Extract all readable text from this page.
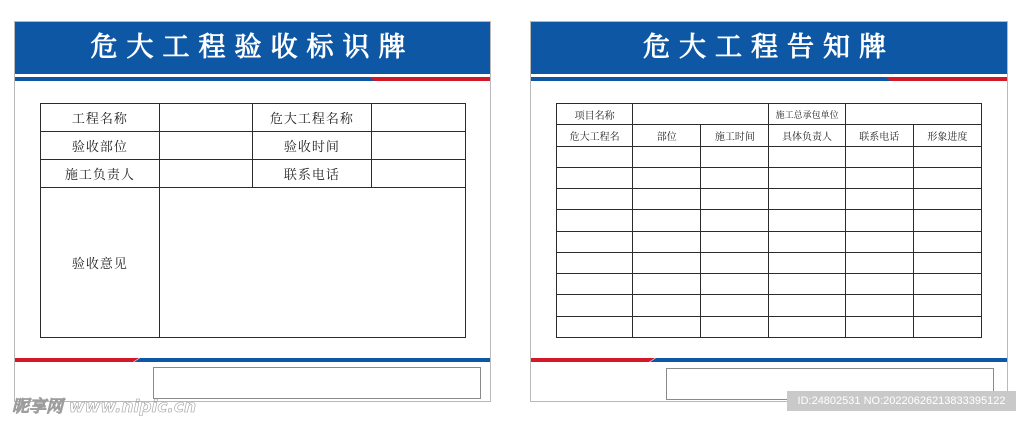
危大工程验收标识牌
工程名称		危大工程名称	
验收部位		验收时间	
施工负责人		联系电话	
验收意见			
危大工程告知牌
项目名称			施工总承包单位		
危大工程名	部位	施工时间	具体负责人	联系电话	形象进度

昵享网 www.nipic.cn	ID:24802531 NO:20220626213833395122
